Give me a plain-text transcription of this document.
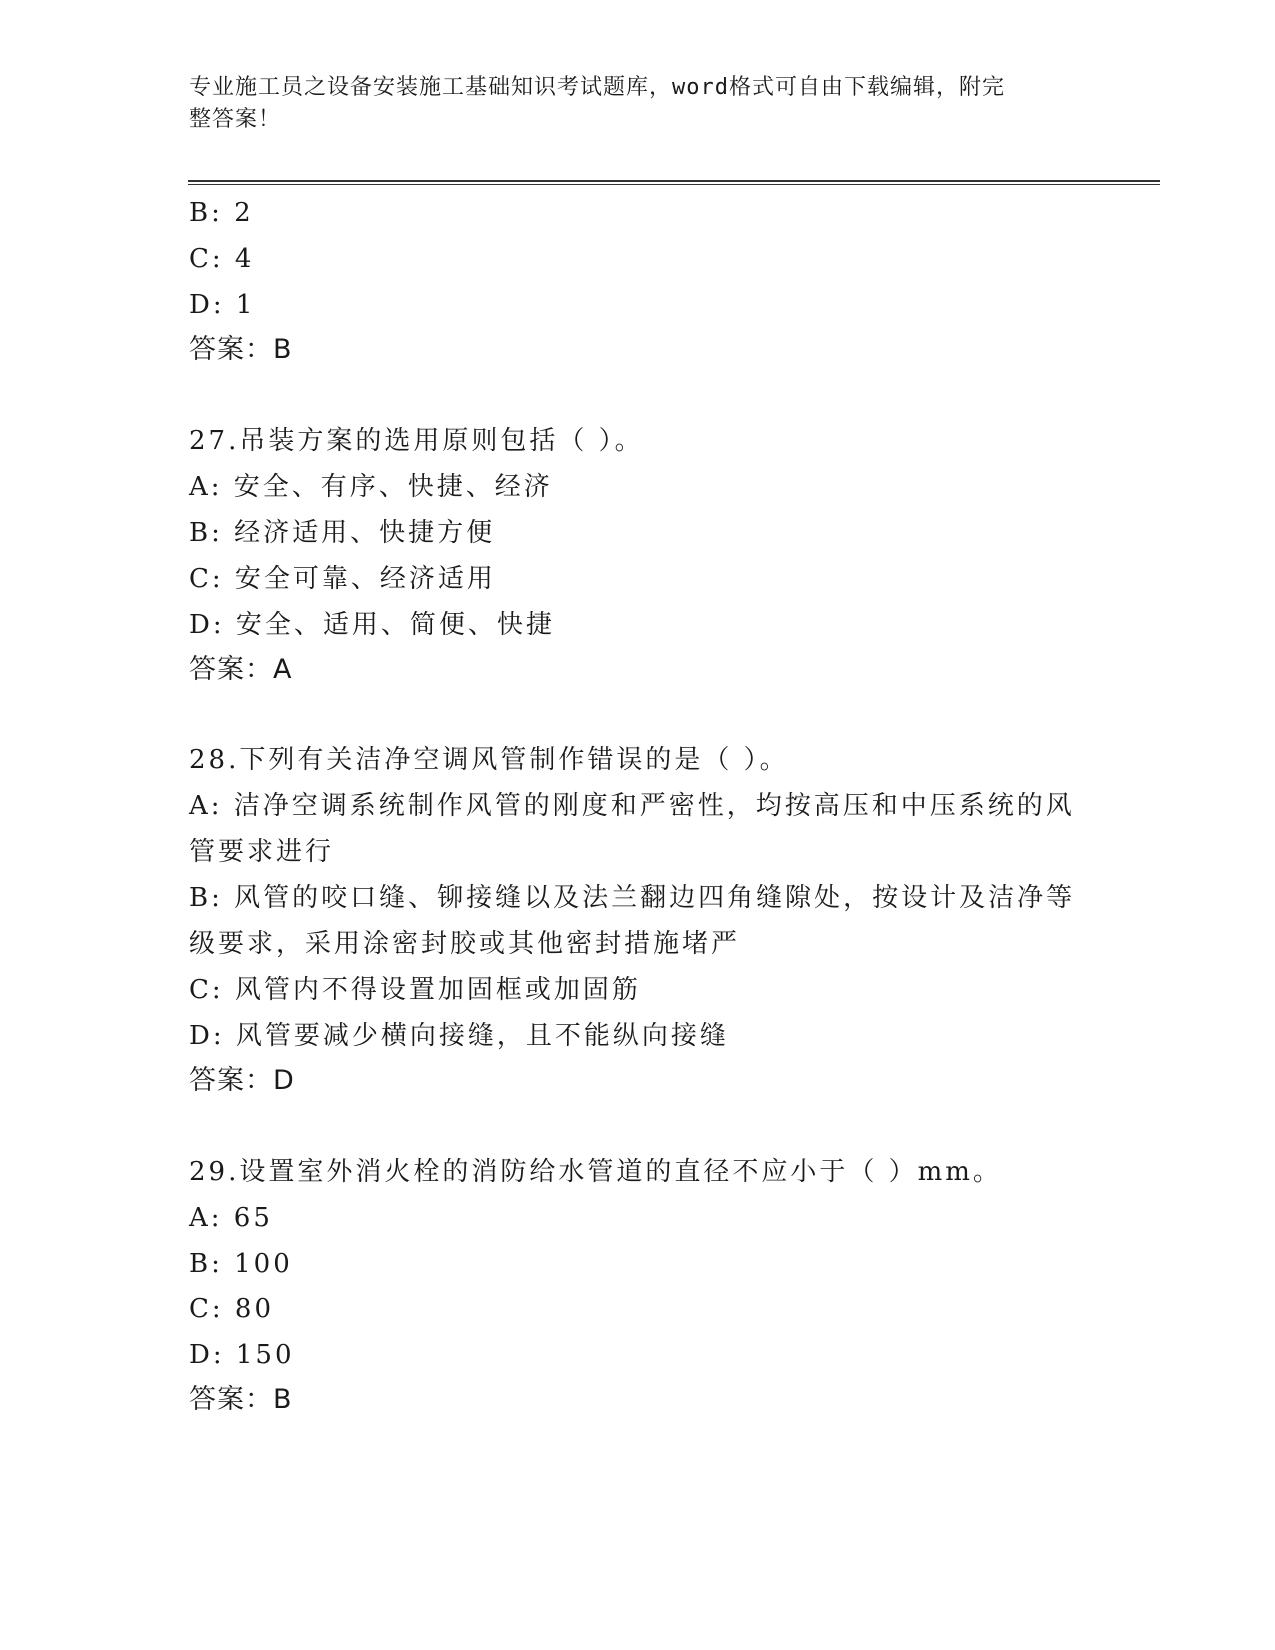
专业施工员之设备安装施工基础知识考试题库，word格式可自由下载编辑，附完
整答案！
B: 2
C: 4
D: 1
答案：B
27.吊装方案的选用原则包括（ ）。
A: 安全、有序、快捷、经济
B: 经济适用、快捷方便
C: 安全可靠、经济适用
D: 安全、适用、简便、快捷
答案：A
28.下列有关洁净空调风管制作错误的是（ ）。
A: 洁净空调系统制作风管的刚度和严密性，均按高压和中压系统的风
管要求进行
B: 风管的咬口缝、铆接缝以及法兰翻边四角缝隙处，按设计及洁净等
级要求，采用涂密封胶或其他密封措施堵严
C: 风管内不得设置加固框或加固筋
D: 风管要减少横向接缝，且不能纵向接缝
答案：D
29.设置室外消火栓的消防给水管道的直径不应小于（ ）mm。
A: 65
B: 100
C: 80
D: 150
答案：B
